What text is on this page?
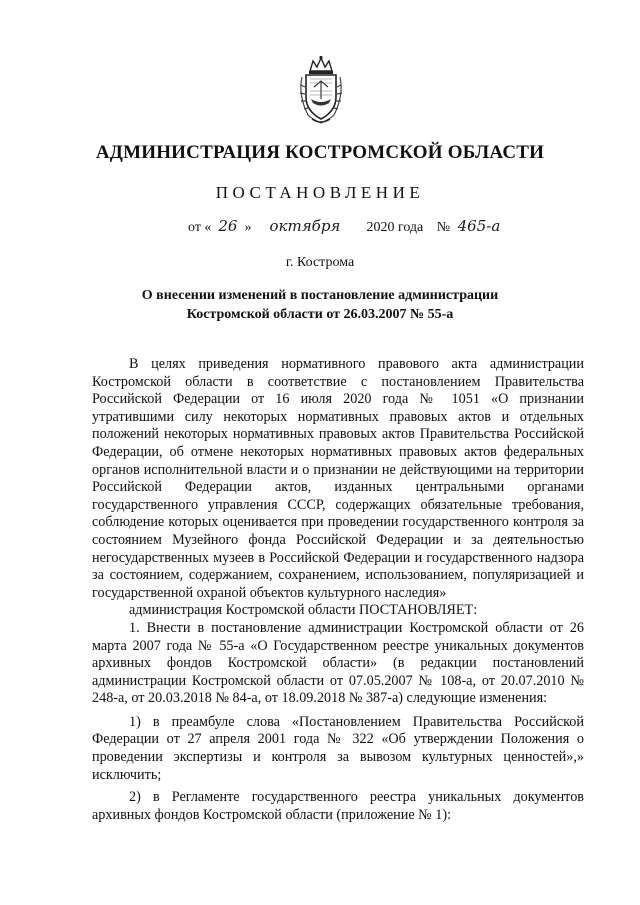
АДМИНИСТРАЦИЯ КОСТРОМСКОЙ ОБЛАСТИ
ПОСТАНОВЛЕНИЕ
от « 26 » октября 2020 года № 465-а
г. Кострома
О внесении изменений в постановление администрации
Костромской области от 26.03.2007 № 55-а

В целях приведения нормативного правового акта администрации Костромской области в соответствие с постановлением Правительства Российской Федерации от 16 июля 2020 года № 1051 «О признании утратившими силу некоторых нормативных правовых актов и отдельных положений некоторых нормативных правовых актов Правительства Российской Федерации, об отмене некоторых нормативных правовых актов федеральных органов исполнительной власти и о признании не действующими на территории Российской Федерации актов, изданных центральными органами государственного управления СССР, содержащих обязательные требования, соблюдение которых оценивается при проведении государственного контроля за состоянием Музейного фонда Российской Федерации и за деятельностью негосударственных музеев в Российской Федерации и государственного надзора за состоянием, содержанием, сохранением, использованием, популяризацией и государственной охраной объектов культурного наследия»

администрация Костромской области ПОСТАНОВЛЯЕТ:

1. Внести в постановление администрации Костромской области от 26 марта 2007 года № 55-а «О Государственном реестре уникальных документов архивных фондов Костромской области» (в редакции постановлений администрации Костромской области от 07.05.2007 № 108-а, от 20.07.2010 № 248-а, от 20.03.2018 № 84-а, от 18.09.2018 № 387-а) следующие изменения:

1) в преамбуле слова «Постановлением Правительства Российской Федерации от 27 апреля 2001 года № 322 «Об утверждении Положения о проведении экспертизы и контроля за вывозом культурных ценностей»,» исключить;

2) в Регламенте государственного реестра уникальных документов архивных фондов Костромской области (приложение № 1):
